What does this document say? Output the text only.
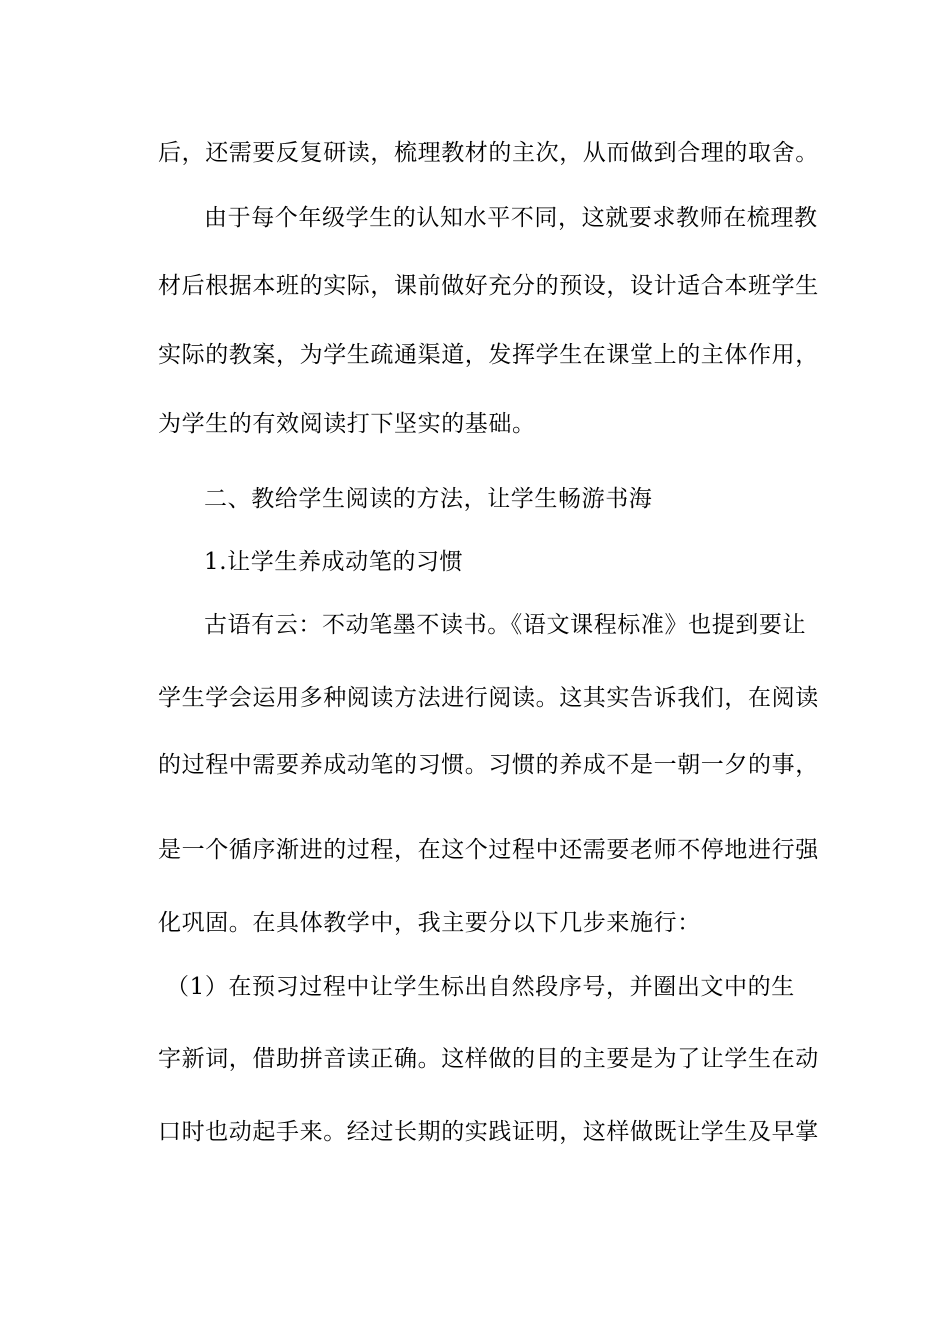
后，还需要反复研读，梳理教材的主次，从而做到合理的取舍。
由于每个年级学生的认知水平不同，这就要求教师在梳理教
材后根据本班的实际，课前做好充分的预设，设计适合本班学生
实际的教案，为学生疏通渠道，发挥学生在课堂上的主体作用，
为学生的有效阅读打下坚实的基础。
二、教给学生阅读的方法，让学生畅游书海
1.让学生养成动笔的习惯
古语有云：不动笔墨不读书。《语文课程标准》也提到要让
学生学会运用多种阅读方法进行阅读。这其实告诉我们，在阅读
的过程中需要养成动笔的习惯。习惯的养成不是一朝一夕的事，
是一个循序渐进的过程，在这个过程中还需要老师不停地进行强
化巩固。在具体教学中，我主要分以下几步来施行：
（1）在预习过程中让学生标出自然段序号，并圈出文中的生
字新词，借助拼音读正确。这样做的目的主要是为了让学生在动
口时也动起手来。经过长期的实践证明，这样做既让学生及早掌
